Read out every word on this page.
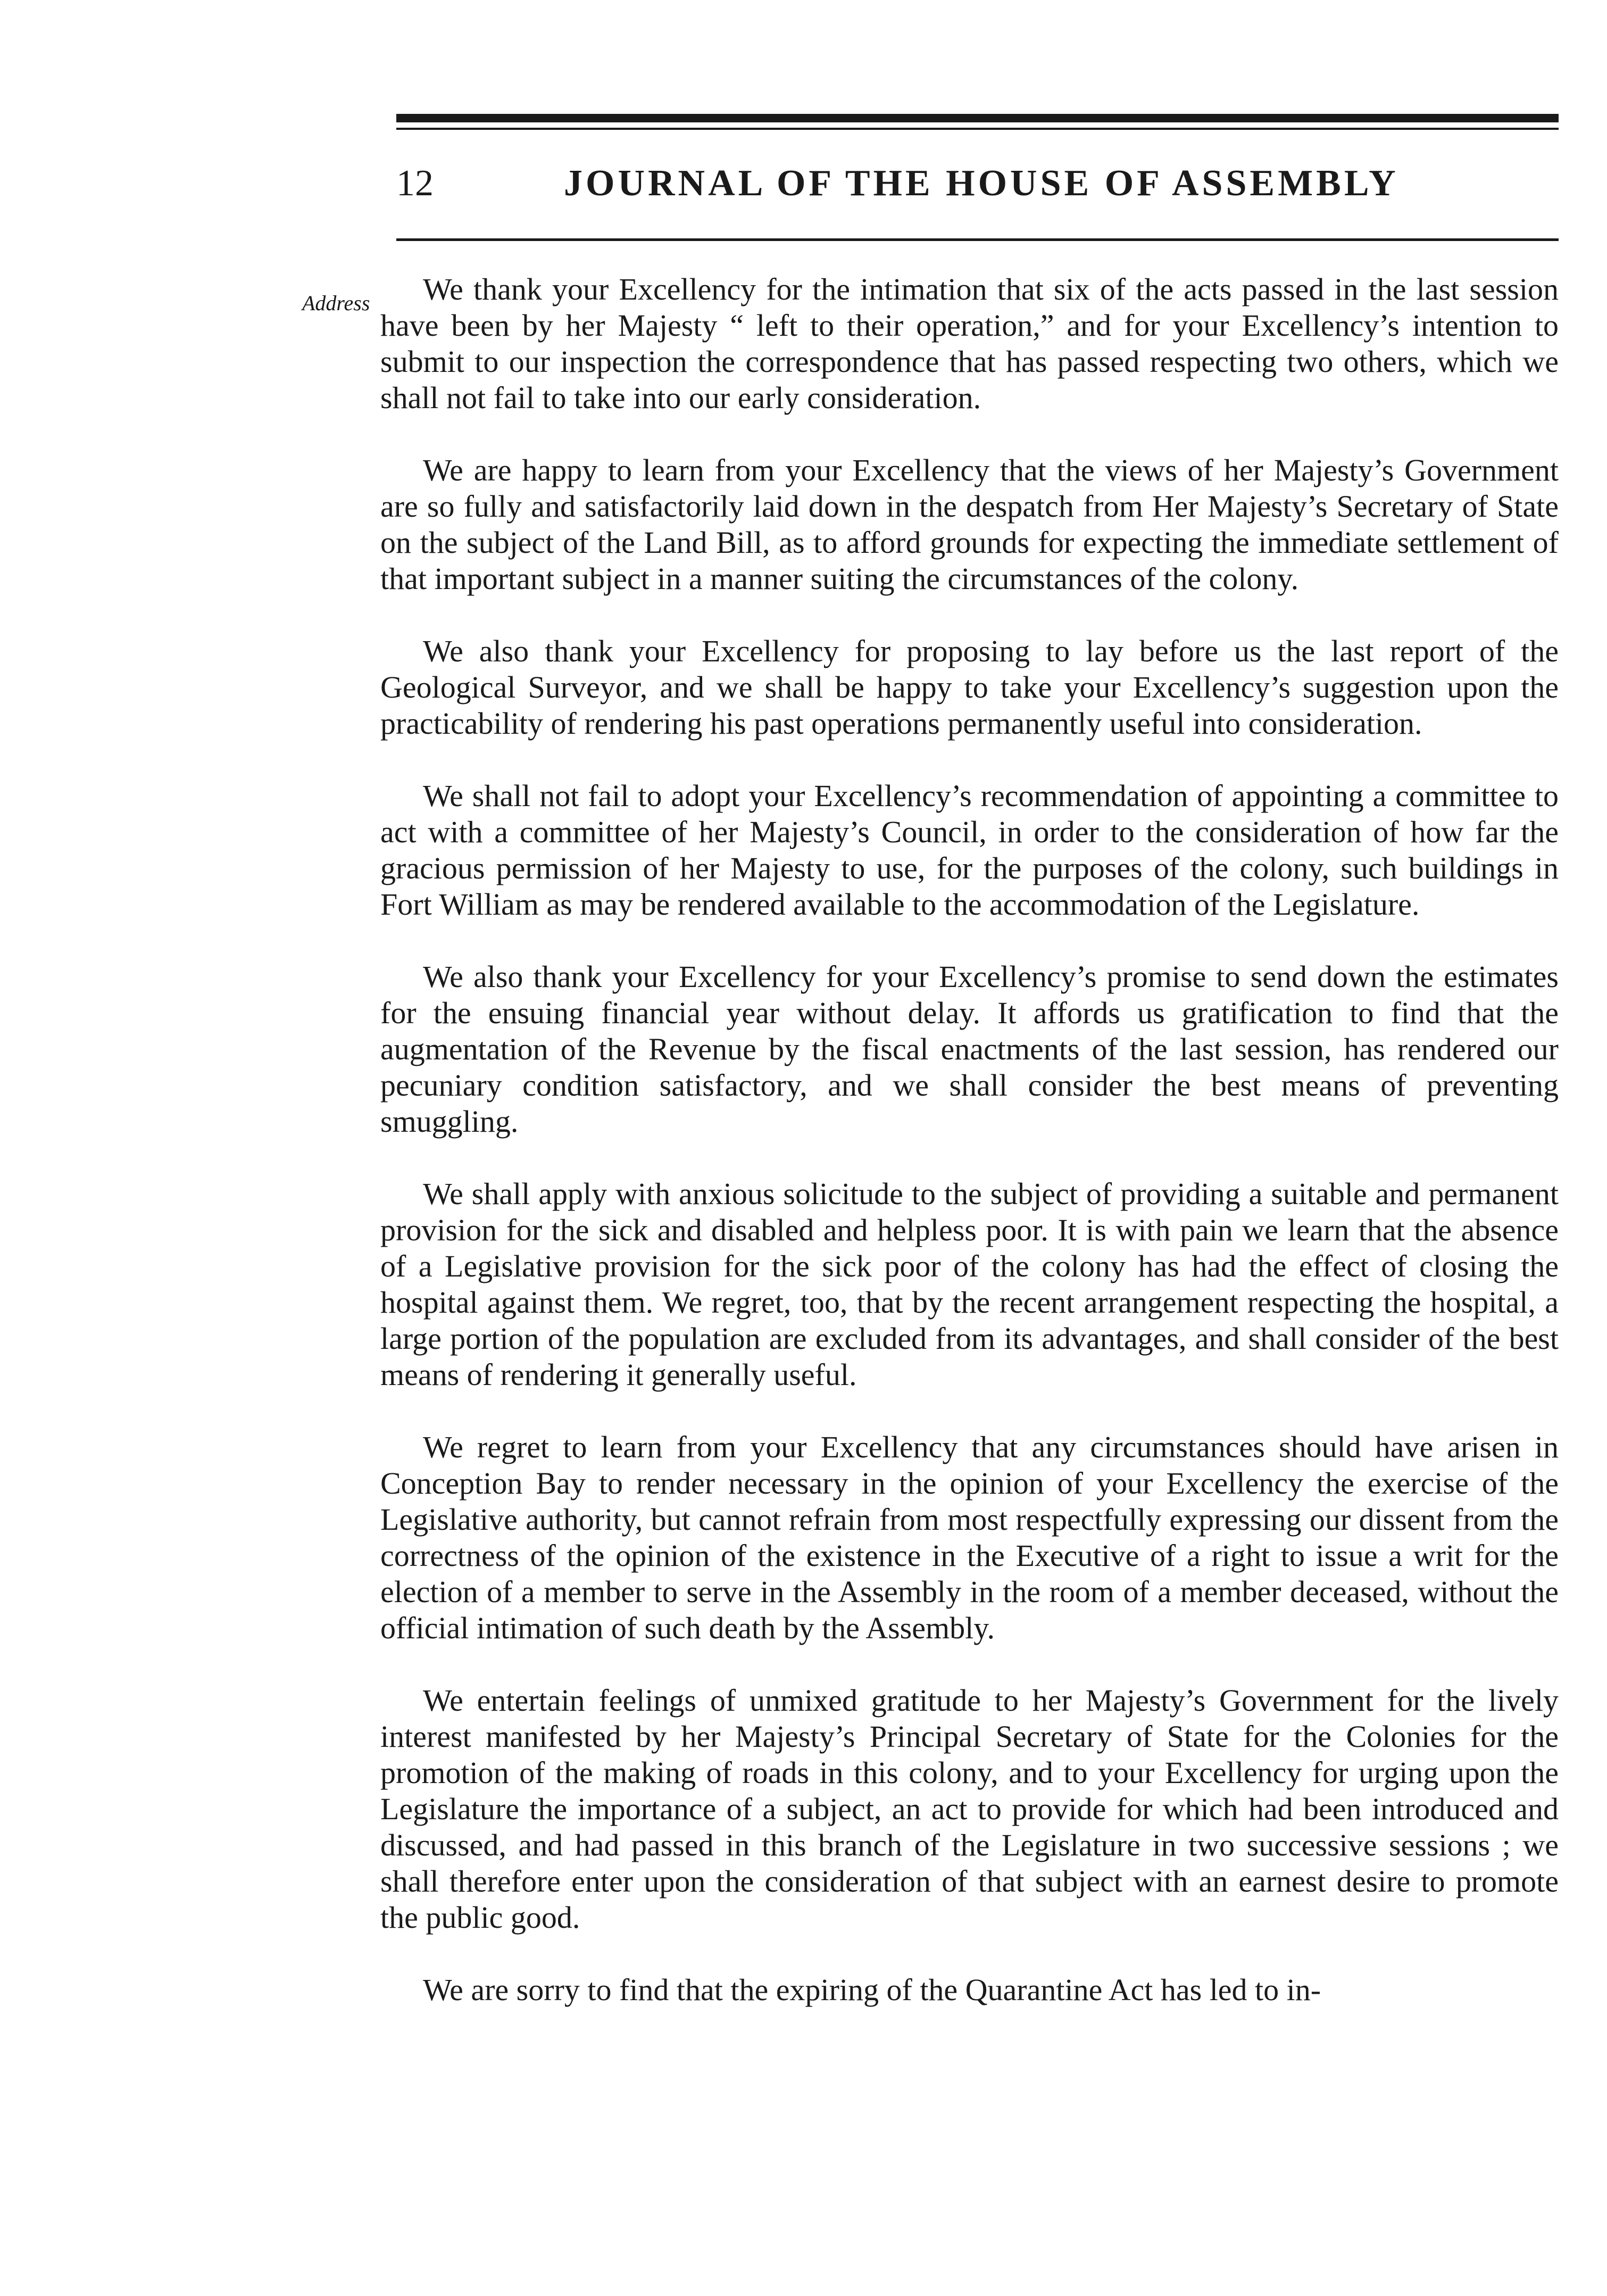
12	JOURNAL OF THE HOUSE OF ASSEMBLY
Address	We thank your Excellency for the intimation that six of the acts passed in the last session have been by her Majesty “ left to their operation,” and for your Excellency’s intention to submit to our inspection the correspondence that has passed respecting two others, which we shall not fail to take into our early consideration.

We are happy to learn from your Excellency that the views of her Majesty’s Government are so fully and satisfactorily laid down in the despatch from Her Majesty’s Secretary of State on the subject of the Land Bill, as to afford grounds for expecting the immediate settlement of that important subject in a manner suiting the circumstances of the colony.

We also thank your Excellency for proposing to lay before us the last report of the Geological Surveyor, and we shall be happy to take your Excellency’s suggestion upon the practicability of rendering his past operations permanently useful into consideration.

We shall not fail to adopt your Excellency’s recommendation of appointing a committee to act with a committee of her Majesty’s Council, in order to the consideration of how far the gracious permission of her Majesty to use, for the purposes of the colony, such buildings in Fort William as may be rendered available to the accommodation of the Legislature.

We also thank your Excellency for your Excellency’s promise to send down the estimates for the ensuing financial year without delay. It affords us gratification to find that the augmentation of the Revenue by the fiscal enactments of the last session, has rendered our pecuniary condition satisfactory, and we shall consider the best means of preventing smuggling.

We shall apply with anxious solicitude to the subject of providing a suitable and permanent provision for the sick and disabled and helpless poor. It is with pain we learn that the absence of a Legislative provision for the sick poor of the colony has had the effect of closing the hospital against them. We regret, too, that by the recent arrangement respecting the hospital, a large portion of the population are excluded from its advantages, and shall consider of the best means of rendering it generally useful.

We regret to learn from your Excellency that any circumstances should have arisen in Conception Bay to render necessary in the opinion of your Excellency the exercise of the Legislative authority, but cannot refrain from most respectfully expressing our dissent from the correctness of the opinion of the existence in the Executive of a right to issue a writ for the election of a member to serve in the Assembly in the room of a member deceased, without the official intimation of such death by the Assembly.

We entertain feelings of unmixed gratitude to her Majesty’s Government for the lively interest manifested by her Majesty’s Principal Secretary of State for the Colonies for the promotion of the making of roads in this colony, and to your Excellency for urging upon the Legislature the importance of a subject, an act to provide for which had been introduced and discussed, and had passed in this branch of the Legislature in two successive sessions ; we shall therefore enter upon the consideration of that subject with an earnest desire to promote the public good.

We are sorry to find that the expiring of the Quarantine Act has led to in-
